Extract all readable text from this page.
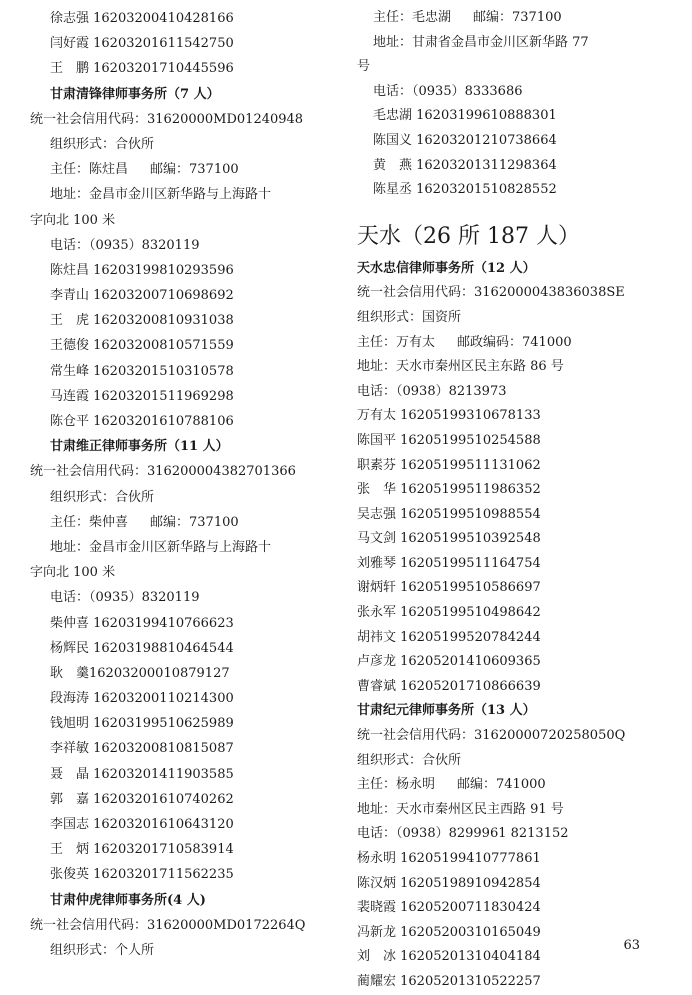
徐志强 16203200410428166
闫好霞 16203201611542750
王　鹏 16203201710445596
甘肃清锋律师事务所（7 人）
统一社会信用代码：31620000MD01240948
组织形式：合伙所
主任：陈炷昌 邮编：737100
地址：金昌市金川区新华路与上海路十
字向北 100 米
电话：（0935）8320119
陈炷昌 16203199810293596
李青山 16203200710698692
王　虎 16203200810931038
王德俊 16203200810571559
常生峰 16203201510310578
马连霞 16203201511969298
陈仓平 16203201610788106
甘肃维正律师事务所（11 人）
统一社会信用代码：316200004382701366
组织形式：合伙所
主任：柴仲喜 邮编：737100
地址：金昌市金川区新华路与上海路十
字向北 100 米
电话：（0935）8320119
柴仲喜 16203199410766623
杨辉民 16203198810464544
耿　羹16203200010879127
段海涛 16203200110214300
钱旭明 16203199510625989
李祥敏 16203200810815087
聂　晶 16203201411903585
郭　嘉 16203201610740262
李国志 16203201610643120
王　炳 16203201710583914
张俊英 16203201711562235
甘肃仲虎律师事务所(4 人)
统一社会信用代码：31620000MD0172264Q
组织形式：个人所
主任：毛忠湖 邮编：737100
地址：甘肃省金昌市金川区新华路 77
号
电话：（0935）8333686
毛忠湖 16203199610888301
陈国义 16203201210738664
黄　燕 16203201311298364
陈星丞 16203201510828552
天水（26 所 187 人）
天水忠信律师事务所（12 人）
统一社会信用代码：3162000043836038SE
组织形式：国资所
主任：万有太 邮政编码：741000
地址：天水市秦州区民主东路 86 号
电话：（0938）8213973
万有太 16205199310678133
陈国平 16205199510254588
职素芬 16205199511131062
张　华 16205199511986352
吴志强 16205199510988554
马文剑 16205199510392548
刘雅琴 16205199511164754
谢炳轩 16205199510586697
张永军 16205199510498642
胡祎文 16205199520784244
卢彦龙 16205201410609365
曹睿斌 16205201710866639
甘肃纪元律师事务所（13 人）
统一社会信用代码：31620000720258050Q
组织形式：合伙所
主任：杨永明 邮编：741000
地址：天水市秦州区民主西路 91 号
电话：（0938）8299961 8213152
杨永明 16205199410777861
陈汉炳 16205198910942854
裴晓霞 16205200711830424
冯新龙 16205200310165049
刘　冰 16205201310404184
蔺耀宏 16205201310522257
63
